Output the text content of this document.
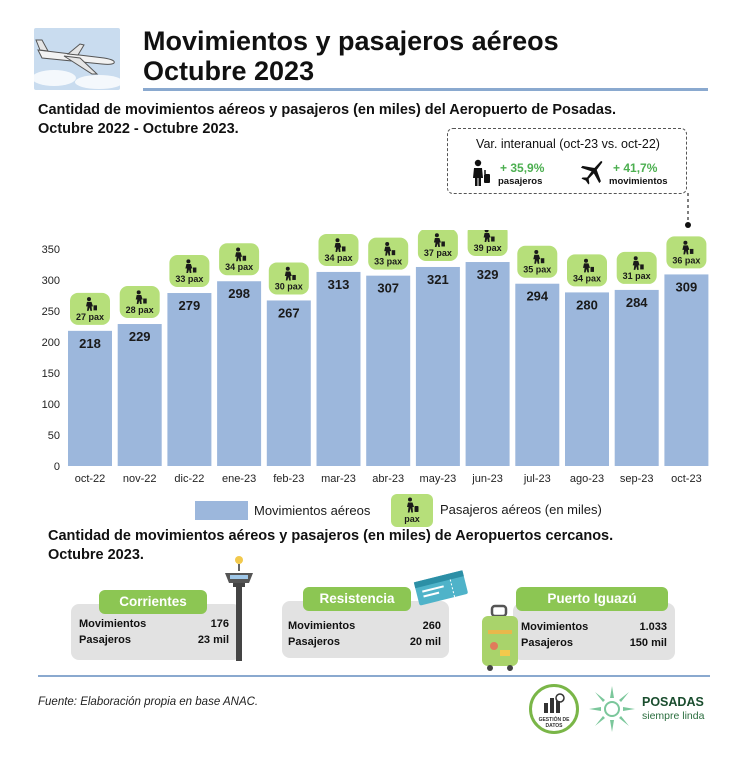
Movimientos y pasajeros aéreos
Octubre 2023
Cantidad de movimientos aéreos y pasajeros (en miles) del Aeropuerto de Posadas.
Octubre 2022 - Octubre 2023.
Var. interanual (oct-23 vs. oct-22)
+ 35,9%
pasajeros
+ 41,7%
movimientos
0
50
100
150
200
250
300
350
218
oct-22
27 pax
229
nov-22
28 pax 279
dic-22
33 pax
298
ene-23
34 pax
267
feb-23
30 pax 313
mar-23
34 pax
307
abr-23
33 pax
321
may-23
37 pax
329
jun-23
39 pax
294
jul-23
35 pax
280
ago-23
34 pax
284
sep-23
31 pax
309
oct-23
36 pax
Movimientos aéreos
pax
Pasajeros aéreos (en miles)
Cantidad de movimientos aéreos y pasajeros (en miles) de Aeropuertos cercanos.
Octubre 2023.
Movimientos
Pasajeros
176
23 mil
Corrientes
Movimientos
Pasajeros
260
20 mil
Resistencia
Movimientos
Pasajeros
1.033
150 mil
Puerto Iguazú
Fuente: Elaboración propia en base ANAC.
GESTIÓN DE DATOS
POSADAS
siempre linda
